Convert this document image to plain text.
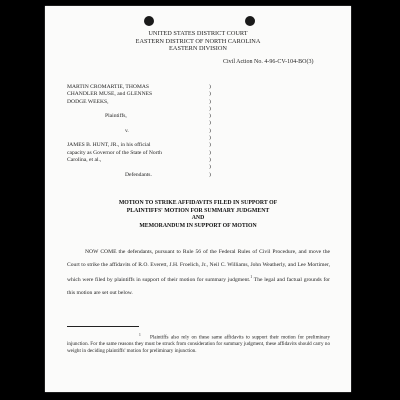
UNITED STATES DISTRICT COURT
EASTERN DISTRICT OF NORTH CAROLINA
EASTERN DIVISION
Civil Action No. 4-96-CV-104-BO(3)
MARTIN CROMARTIE, THOMAS	)
CHANDLER MUSE, and GLENNES	)
DODGE WEEKS,	)
)
Plaintiffs,	)
)
v.	)
)
JAMES B. HUNT, JR., in his official	)
capacity as Governor of the State of North	)
Carolina, et al.,	)
)
Defendants.	)
MOTION TO STRIKE AFFIDAVITS FILED IN SUPPORT OF
PLAINTIFFS' MOTION FOR SUMMARY JUDGMENT
AND
MEMORANDUM IN SUPPORT OF MOTION
NOW COME the defendants, pursuant to Rule 56 of the Federal Rules of Civil Procedure, and move the Court to strike the affidavits of R.O. Everett, J.H. Froelich, Jr., Neil C. Williams, John Weatherly, and Lee Mortimer, which were filed by plaintiffs in support of their motion for summary judgment.$^1$ The legal and factual grounds for this motion are set out below.
$^1$ Plaintiffs also rely on these same affidavits to support their motion for preliminary injunction. For the same reasons they must be struck from consideration for summary judgment, these affidavits should carry no weight in deciding plaintiffs' motion for preliminary injunction.
